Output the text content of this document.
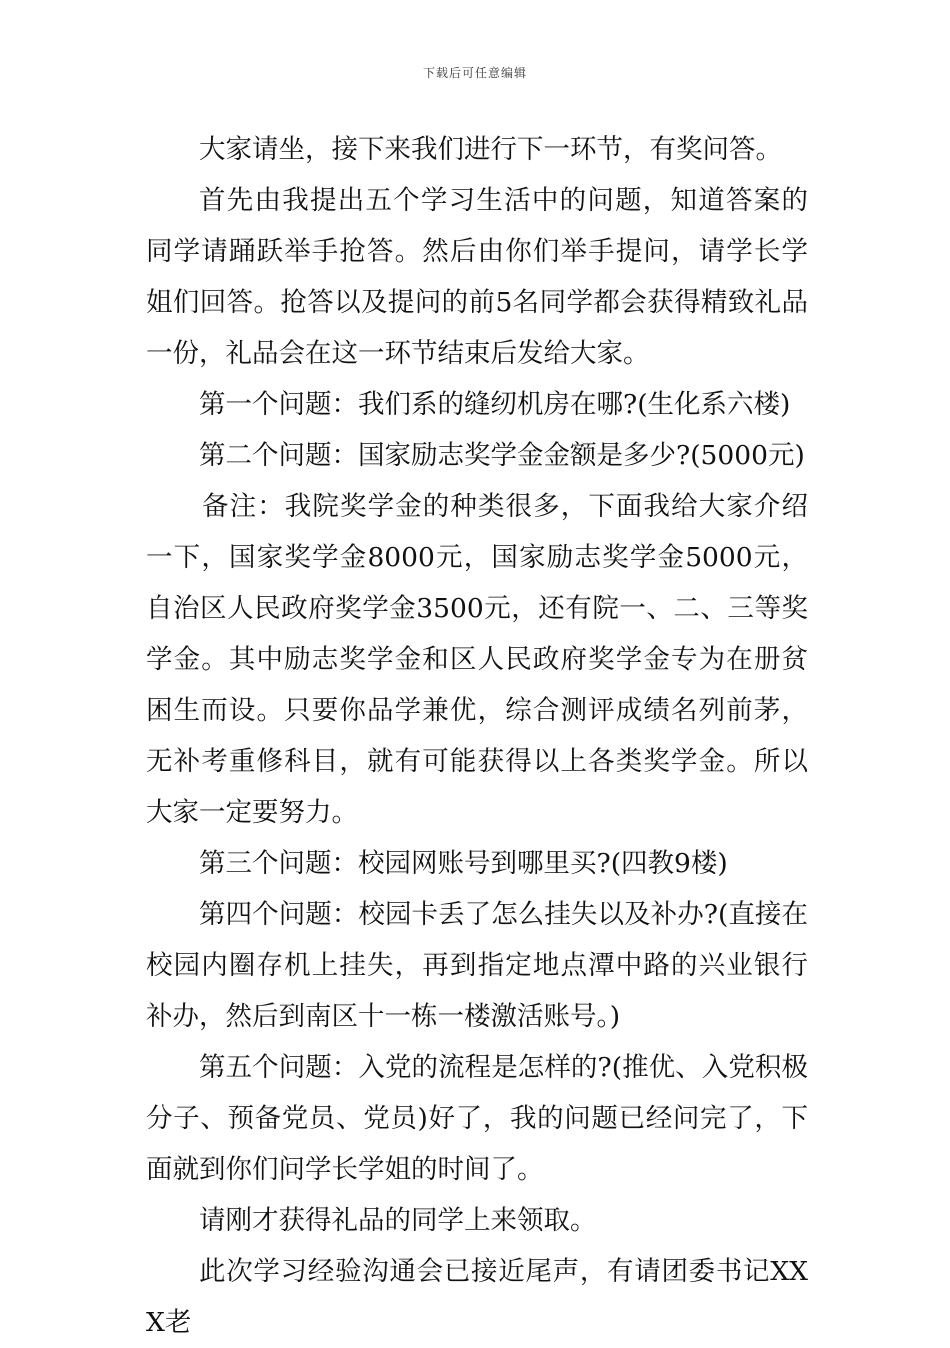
下载后可任意编辑

大家请坐，接下来我们进行下一环节，有奖问答。

首先由我提出五个学习生活中的问题，知道答案的同学请踊跃举手抢答。然后由你们举手提问，请学长学姐们回答。抢答以及提问的前5名同学都会获得精致礼品一份，礼品会在这一环节结束后发给大家。

第一个问题：我们系的缝纫机房在哪?(生化系六楼)

第二个问题：国家励志奖学金金额是多少?(5000元)

备注：我院奖学金的种类很多，下面我给大家介绍一下，国家奖学金8000元，国家励志奖学金5000元，自治区人民政府奖学金3500元，还有院一、二、三等奖学金。其中励志奖学金和区人民政府奖学金专为在册贫困生而设。只要你品学兼优，综合测评成绩名列前茅，无补考重修科目，就有可能获得以上各类奖学金。所以大家一定要努力。

第三个问题：校园网账号到哪里买?(四教9楼)

第四个问题：校园卡丢了怎么挂失以及补办?(直接在校园内圈存机上挂失，再到指定地点潭中路的兴业银行补办，然后到南区十一栋一楼激活账号。)

第五个问题：入党的流程是怎样的?(推优、入党积极分子、预备党员、党员)好了，我的问题已经问完了，下面就到你们问学长学姐的时间了。

请刚才获得礼品的同学上来领取。

此次学习经验沟通会已接近尾声，有请团委书记XXX老
